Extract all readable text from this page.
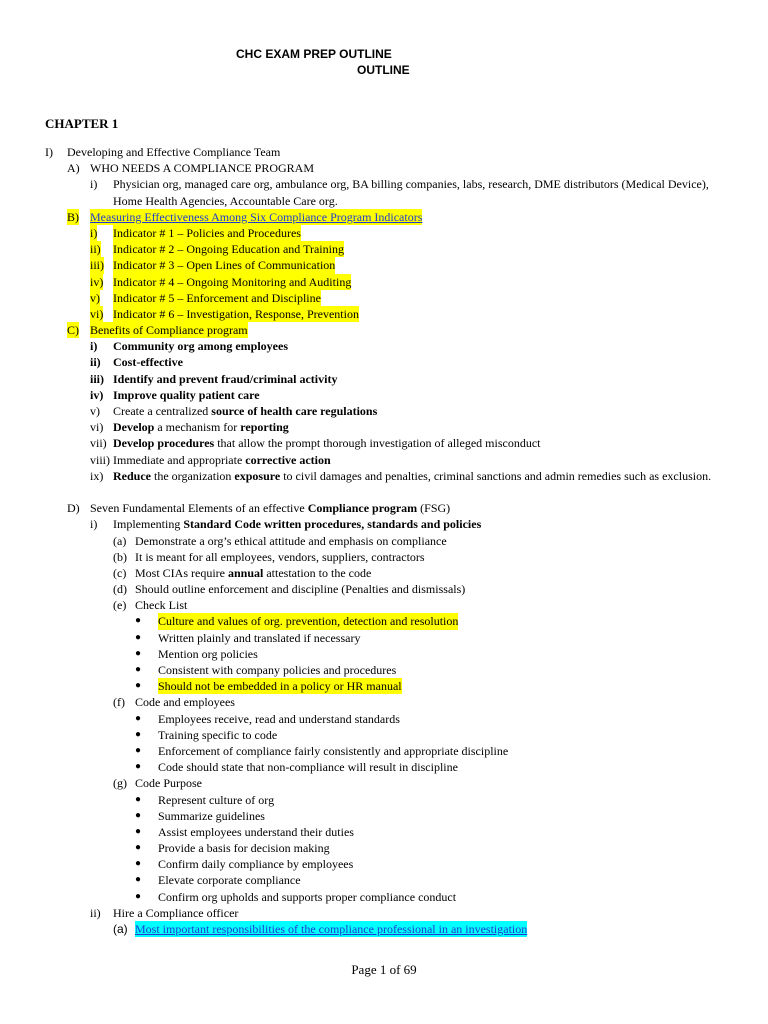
CHC EXAM PREP OUTLINE
OUTLINE
CHAPTER 1
I) Developing and Effective Compliance Team
A) WHO NEEDS A COMPLIANCE PROGRAM
i) Physician org, managed care org, ambulance org, BA billing companies, labs, research, DME distributors (Medical Device), Home Health Agencies, Accountable Care org.
B) Measuring Effectiveness Among Six Compliance Program Indicators
i) Indicator # 1 – Policies and Procedures
ii) Indicator # 2 – Ongoing Education and Training
iii) Indicator # 3 – Open Lines of Communication
iv) Indicator # 4 – Ongoing Monitoring and Auditing
v) Indicator # 5 – Enforcement and Discipline
vi) Indicator # 6 – Investigation, Response, Prevention
C) Benefits of Compliance program
i) Community org among employees
ii) Cost-effective
iii) Identify and prevent fraud/criminal activity
iv) Improve quality patient care
v) Create a centralized source of health care regulations
vi) Develop a mechanism for reporting
vii) Develop procedures that allow the prompt thorough investigation of alleged misconduct
viii) Immediate and appropriate corrective action
ix) Reduce the organization exposure to civil damages and penalties, criminal sanctions and admin remedies such as exclusion.
D) Seven Fundamental Elements of an effective Compliance program (FSG)
i) Implementing Standard Code written procedures, standards and policies
(a) Demonstrate a org’s ethical attitude and emphasis on compliance
(b) It is meant for all employees, vendors, suppliers, contractors
(c) Most CIAs require annual attestation to the code
(d) Should outline enforcement and discipline (Penalties and dismissals)
(e) Check List
● Culture and values of org. prevention, detection and resolution
● Written plainly and translated if necessary
● Mention org policies
● Consistent with company policies and procedures
● Should not be embedded in a policy or HR manual
(f) Code and employees
● Employees receive, read and understand standards
● Training specific to code
● Enforcement of compliance fairly consistently and appropriate discipline
● Code should state that non-compliance will result in discipline
(g) Code Purpose
● Represent culture of org
● Summarize guidelines
● Assist employees understand their duties
● Provide a basis for decision making
● Confirm daily compliance by employees
● Elevate corporate compliance
● Confirm org upholds and supports proper compliance conduct
ii) Hire a Compliance officer
(a) Most important responsibilities of the compliance professional in an investigation
Page 1 of 69
